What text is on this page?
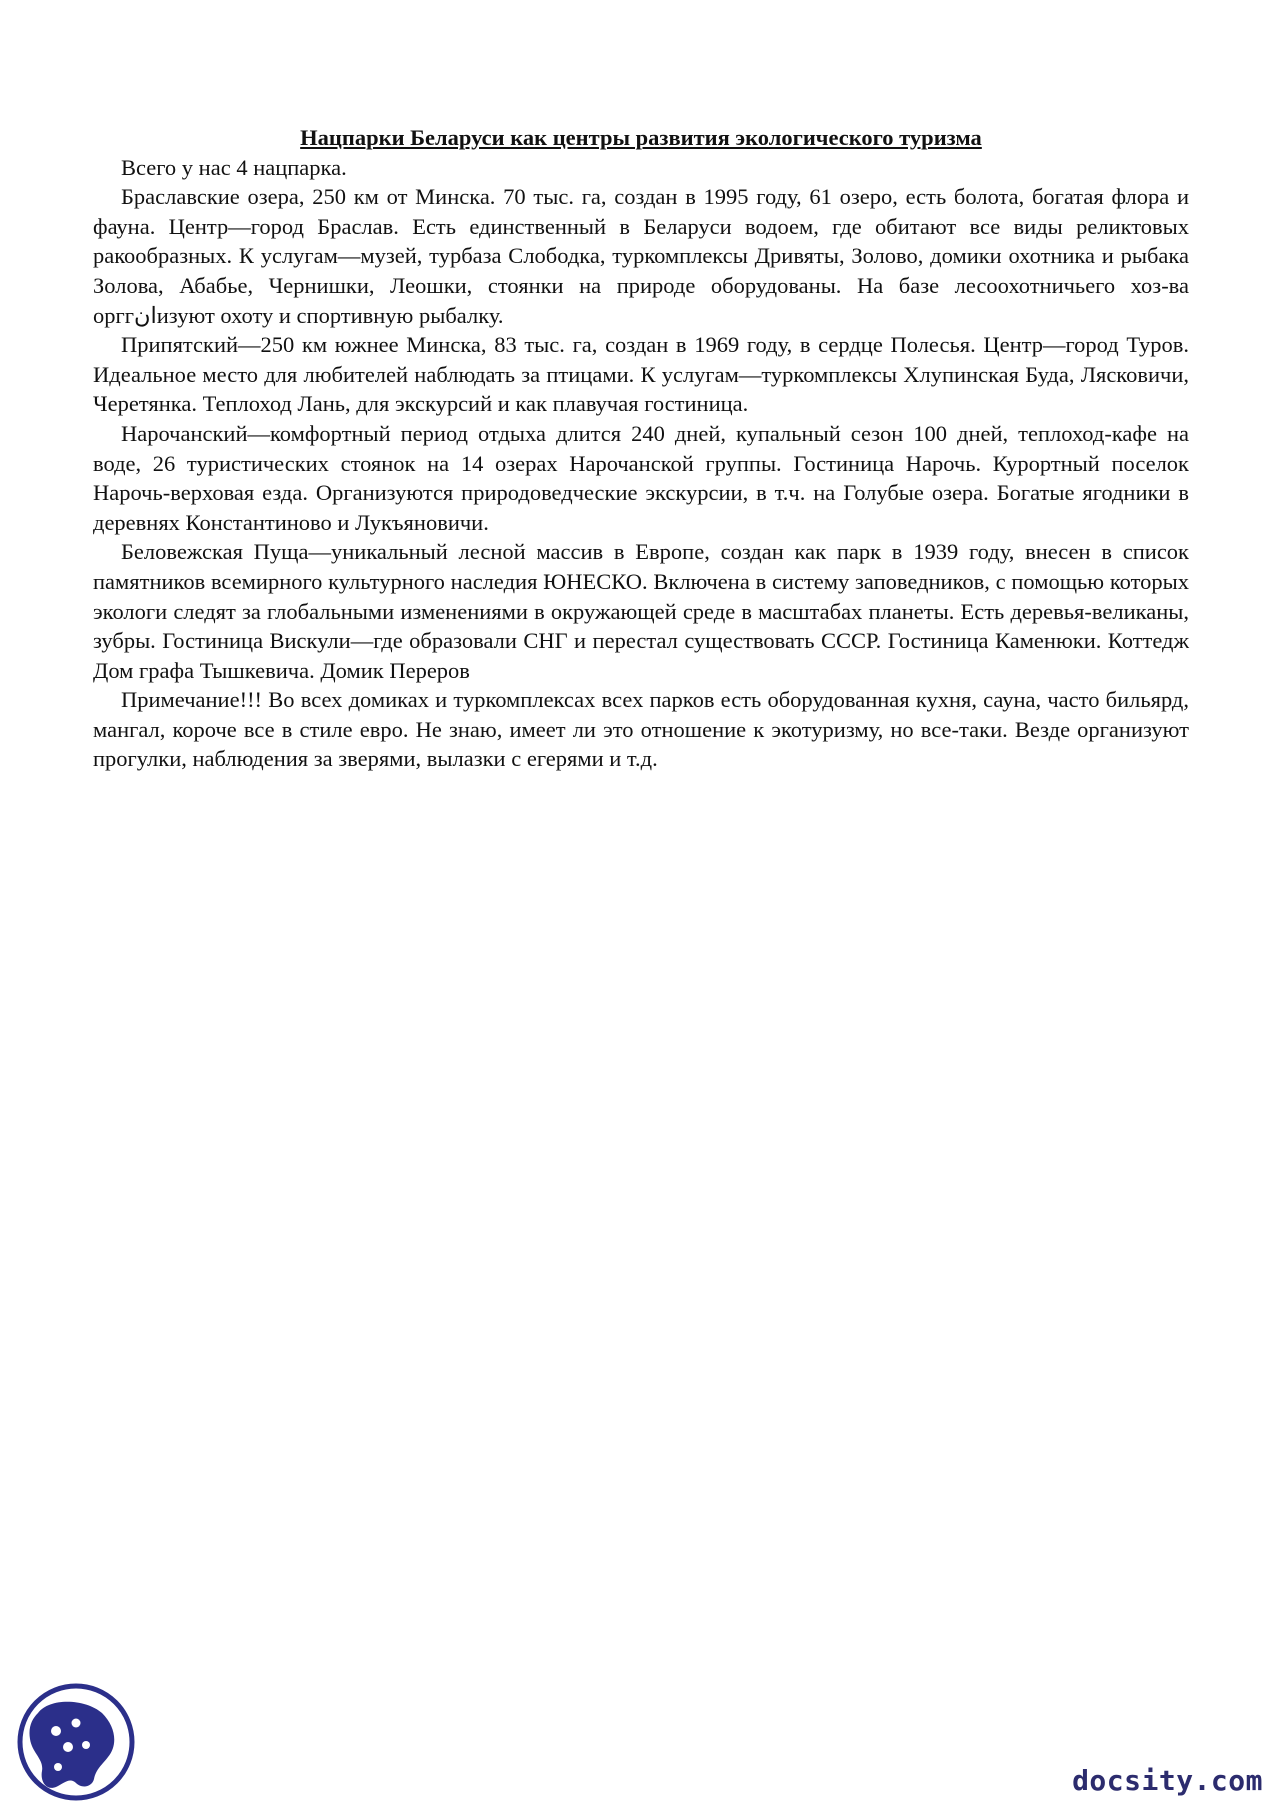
Нацпарки Беларуси как центры развития экологического туризма

Всего у нас 4 нацпарка.

Браславские озера, 250 км от Минска. 70 тыс. га, создан в 1995 году, 61 озеро, есть болота, богатая флора и фауна. Центр—город Браслав. Есть единственный в Беларуси водоем, где обитают все виды реликтовых ракообразных. К услугам—музей, турбаза Слободка, туркомплексы Дривяты, Золово, домики охотника и рыбака Золова, Абабье, Чернишки, Леошки, стоянки на природе оборудованы. На базе лесоохотничьего хоз-ва орггانизуют охоту и спортивную рыбалку.

Припятский—250 км южнее Минска, 83 тыс. га, создан в 1969 году, в сердце Полесья. Центр—город Туров. Идеальное место для любителей наблюдать за птицами. К услугам—туркомплексы Хлупинская Буда, Лясковичи, Черетянка. Теплоход Лань, для экскурсий и как плавучая гостиница.

Нарочанский—комфортный период отдыха длится 240 дней, купальный сезон 100 дней, теплоход-кафе на воде, 26 туристических стоянок на 14 озерах Нарочанской группы. Гостиница Нарочь. Курортный поселок Нарочь-верховая езда. Организуются природоведческие экскурсии, в т.ч. на Голубые озера. Богатые ягодники в деревнях Константиново и Лукъяновичи.

Беловежская Пуща—уникальный лесной массив в Европе, создан как парк в 1939 году, внесен в список памятников всемирного культурного наследия ЮНЕСКО. Включена в систему заповедников, с помощью которых экологи следят за глобальными изменениями в окружающей среде в масштабах планеты. Есть деревья-великаны, зубры. Гостиница Вискули—где образовали СНГ и перестал существовать СССР. Гостиница Каменюки. Коттедж Дом графа Тышкевича. Домик Переров

Примечание!!! Во всех домиках и туркомплексах всех парков есть оборудованная кухня, сауна, часто бильярд, мангал, короче все в стиле евро. Не знаю, имеет ли это отношение к экотуризму, но все-таки. Везде организуют прогулки, наблюдения за зверями, вылазки с егерями и т.д.

docsity.com
